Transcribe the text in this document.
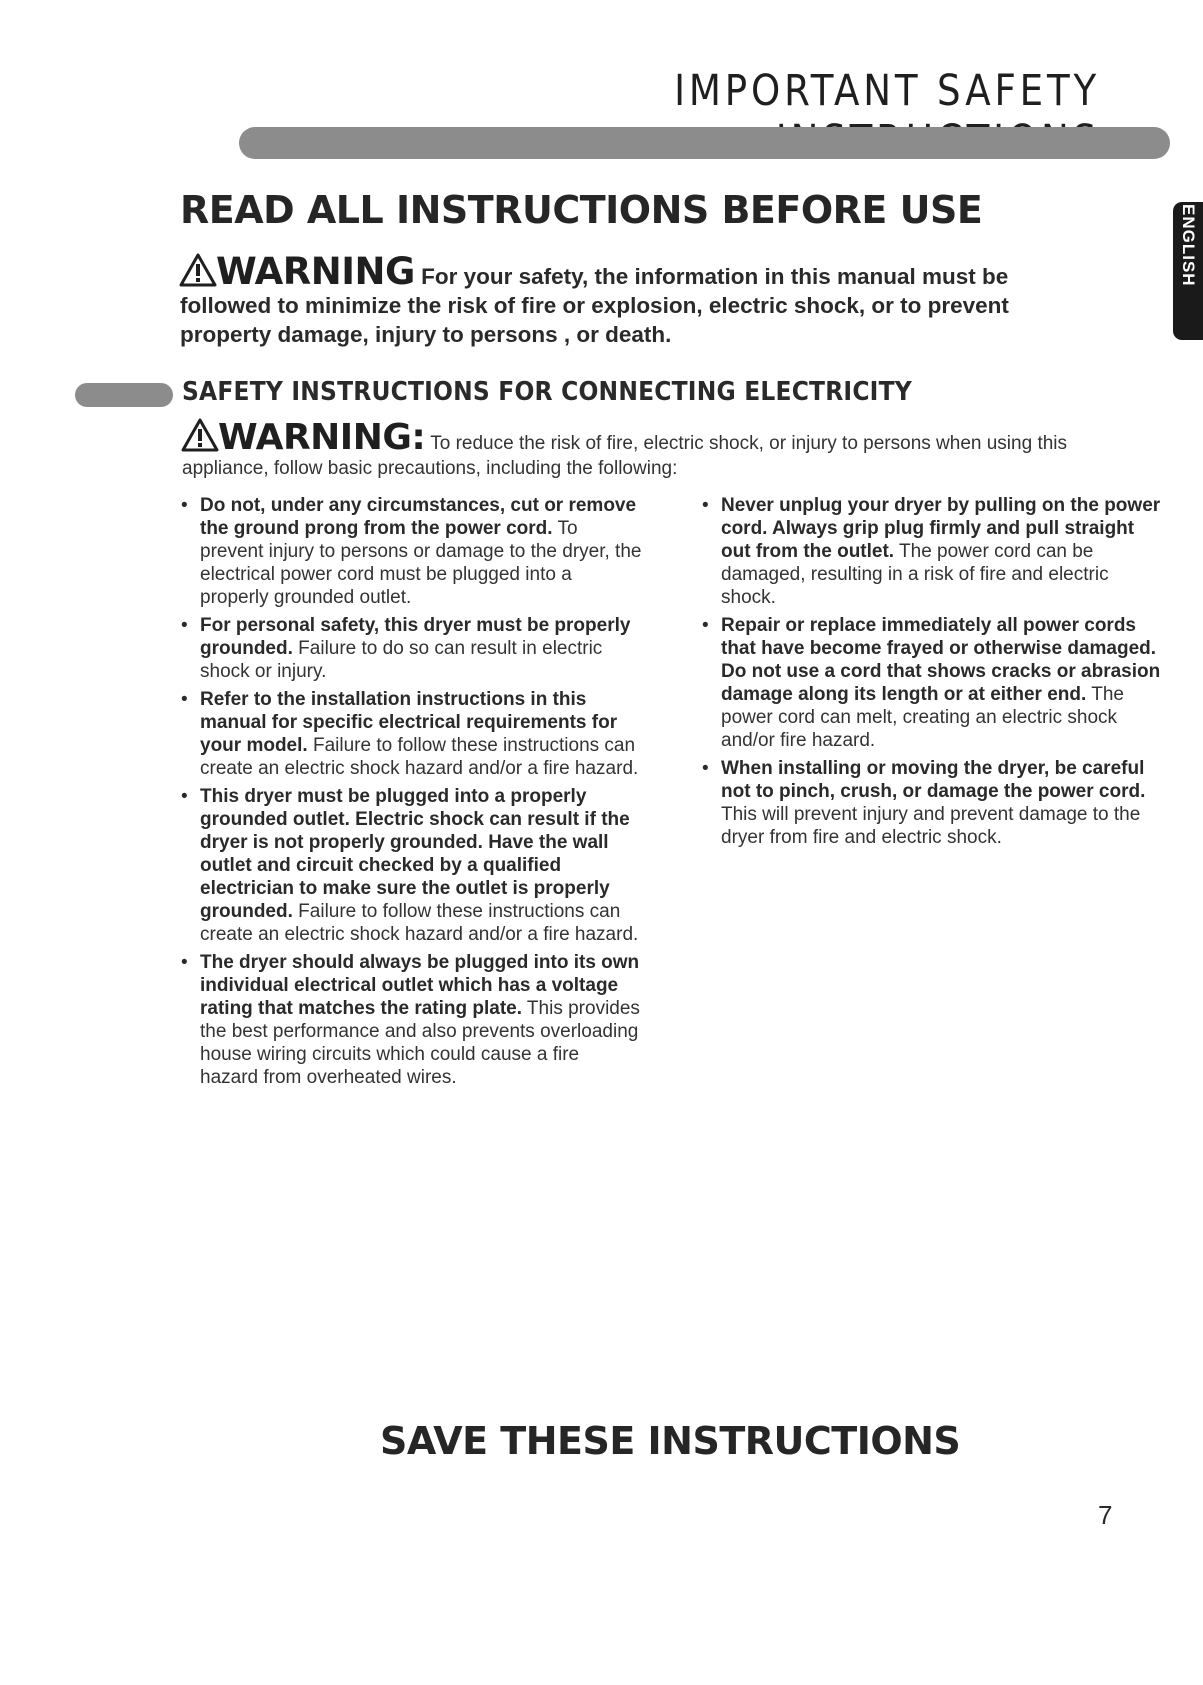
IMPORTANT SAFETY
ENGLISH
READ ALL INSTRUCTIONS BEFORE USE
WARNING For your safety, the information in this manual must be followed to minimize the risk of fire or explosion, electric shock, or to prevent property damage, injury to persons , or death.
SAFETY INSTRUCTIONS FOR CONNECTING ELECTRICITY
WARNING: To reduce the risk of fire, electric shock, or injury to persons when using this appliance, follow basic precautions, including the following:
• Do not, under any circumstances, cut or remove the ground prong from the power cord. To prevent injury to persons or damage to the dryer, the electrical power cord must be plugged into a properly grounded outlet.
• For personal safety, this dryer must be properly grounded. Failure to do so can result in electric shock or injury.
• Refer to the installation instructions in this manual for specific electrical requirements for your model. Failure to follow these instructions can create an electric shock hazard and/or a fire hazard.
• This dryer must be plugged into a properly grounded outlet. Electric shock can result if the dryer is not properly grounded. Have the wall outlet and circuit checked by a qualified electrician to make sure the outlet is properly grounded. Failure to follow these instructions can create an electric shock hazard and/or a fire hazard.
• The dryer should always be plugged into its own individual electrical outlet which has a voltage rating that matches the rating plate. This provides the best performance and also prevents overloading house wiring circuits which could cause a fire hazard from overheated wires.
• Never unplug your dryer by pulling on the power cord. Always grip plug firmly and pull straight out from the outlet. The power cord can be damaged, resulting in a risk of fire and electric shock.
• Repair or replace immediately all power cords that have become frayed or otherwise damaged. Do not use a cord that shows cracks or abrasion damage along its length or at either end. The power cord can melt, creating an electric shock and/or fire hazard.
• When installing or moving the dryer, be careful not to pinch, crush, or damage the power cord. This will prevent injury and prevent damage to the dryer from fire and electric shock.
SAVE THESE INSTRUCTIONS
7
